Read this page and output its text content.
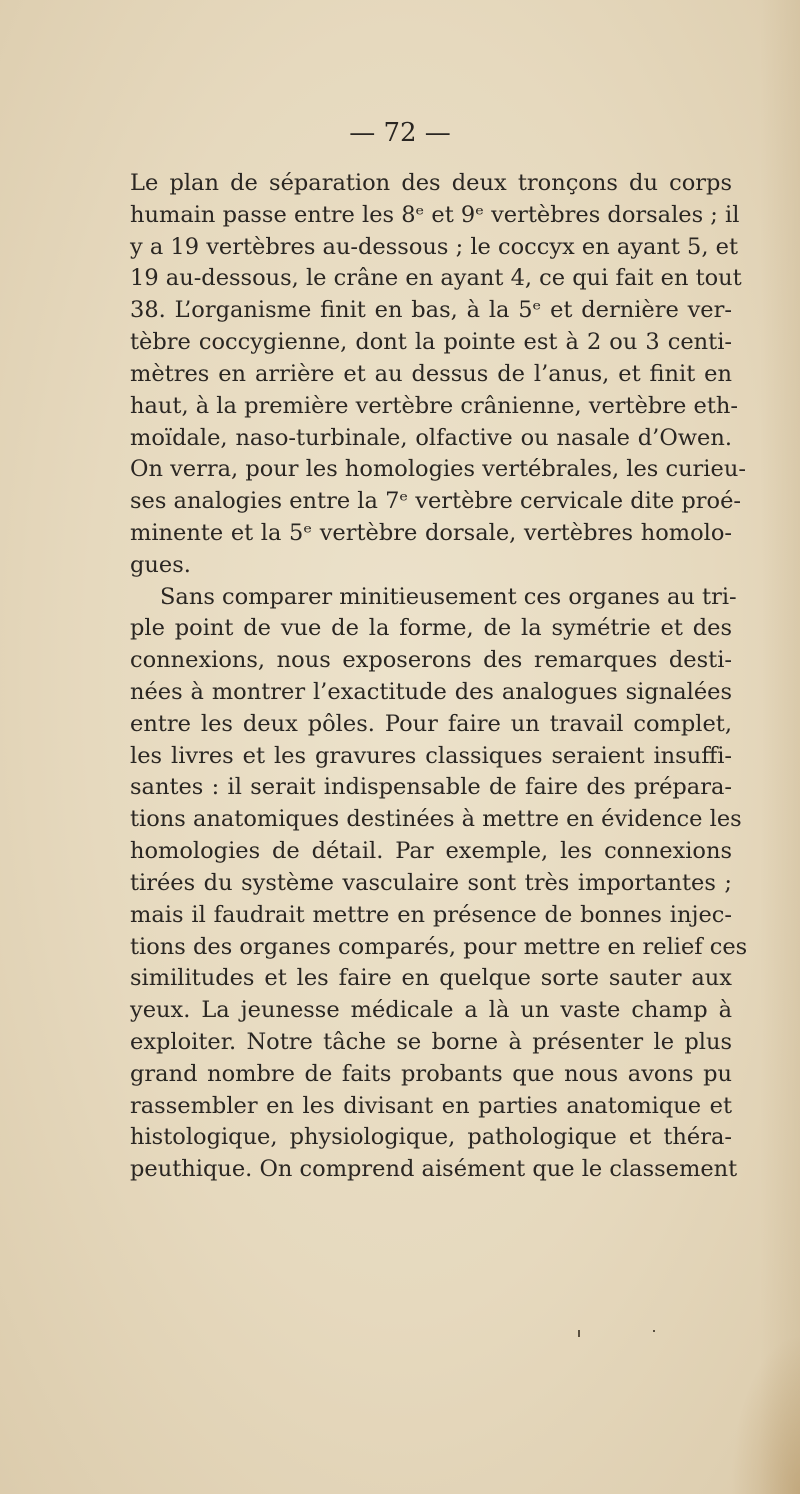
— 72 —
Le plan de séparation des deux tronçons du corps
humain passe entre les 8ᵉ et 9ᵉ vertèbres dorsales ; il
y a 19 vertèbres au-dessous ; le coccyx en ayant 5, et
19 au-dessous, le crâne en ayant 4, ce qui fait en tout
38. L’organisme finit en bas, à la 5ᵉ et dernière ver-
tèbre coccygienne, dont la pointe est à 2 ou 3 centi-
mètres en arrière et au dessus de l’anus, et finit en
haut, à la première vertèbre crânienne, vertèbre eth-
moïdale, naso-turbinale, olfactive ou nasale d’Owen.
On verra, pour les homologies vertébrales, les curieu-
ses analogies entre la 7ᵉ vertèbre cervicale dite proé-
minente et la 5ᵉ vertèbre dorsale, vertèbres homolo-
gues.
Sans comparer minitieusement ces organes au tri-
ple point de vue de la forme, de la symétrie et des
connexions, nous exposerons des remarques desti-
nées à montrer l’exactitude des analogues signalées
entre les deux pôles. Pour faire un travail complet,
les livres et les gravures classiques seraient insuffi-
santes : il serait indispensable de faire des prépara-
tions anatomiques destinées à mettre en évidence les
homologies de détail. Par exemple, les connexions
tirées du système vasculaire sont très importantes ;
mais il faudrait mettre en présence de bonnes injec-
tions des organes comparés, pour mettre en relief ces
similitudes et les faire en quelque sorte sauter aux
yeux. La jeunesse médicale a là un vaste champ à
exploiter. Notre tâche se borne à présenter le plus
grand nombre de faits probants que nous avons pu
rassembler en les divisant en parties anatomique et
histologique, physiologique, pathologique et théra-
peuthique. On comprend aisément que le classement
